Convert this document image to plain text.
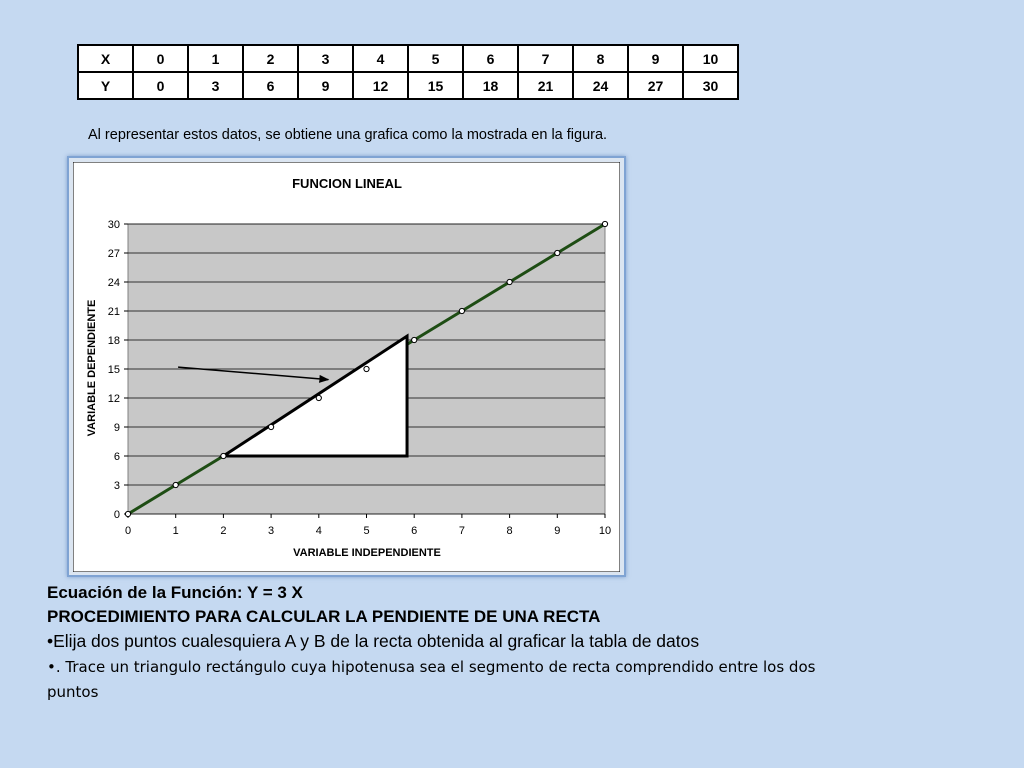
X	0	1	2	3	4	5	6	7	8	9	10
Y	0	3	6	9	12	15	18	21	24	27	30
Al representar estos datos, se obtiene una grafica como la mostrada en la figura.
FUNCION LINEAL
0
3
6
9
12
15
18
21
24
27
30
0	1	2	3	4	5	6	7	8	9	10
VARIABLE INDEPENDIENTE
VARIABLE DEPENDIENTE
Ecuación de la Función: Y = 3 X
PROCEDIMIENTO PARA CALCULAR LA PENDIENTE DE UNA RECTA
•Elija dos puntos cualesquiera A y B de la recta obtenida al graficar la tabla de datos
•. Trace un triangulo rectángulo cuya hipotenusa sea el segmento de recta comprendido entre los dos puntos
